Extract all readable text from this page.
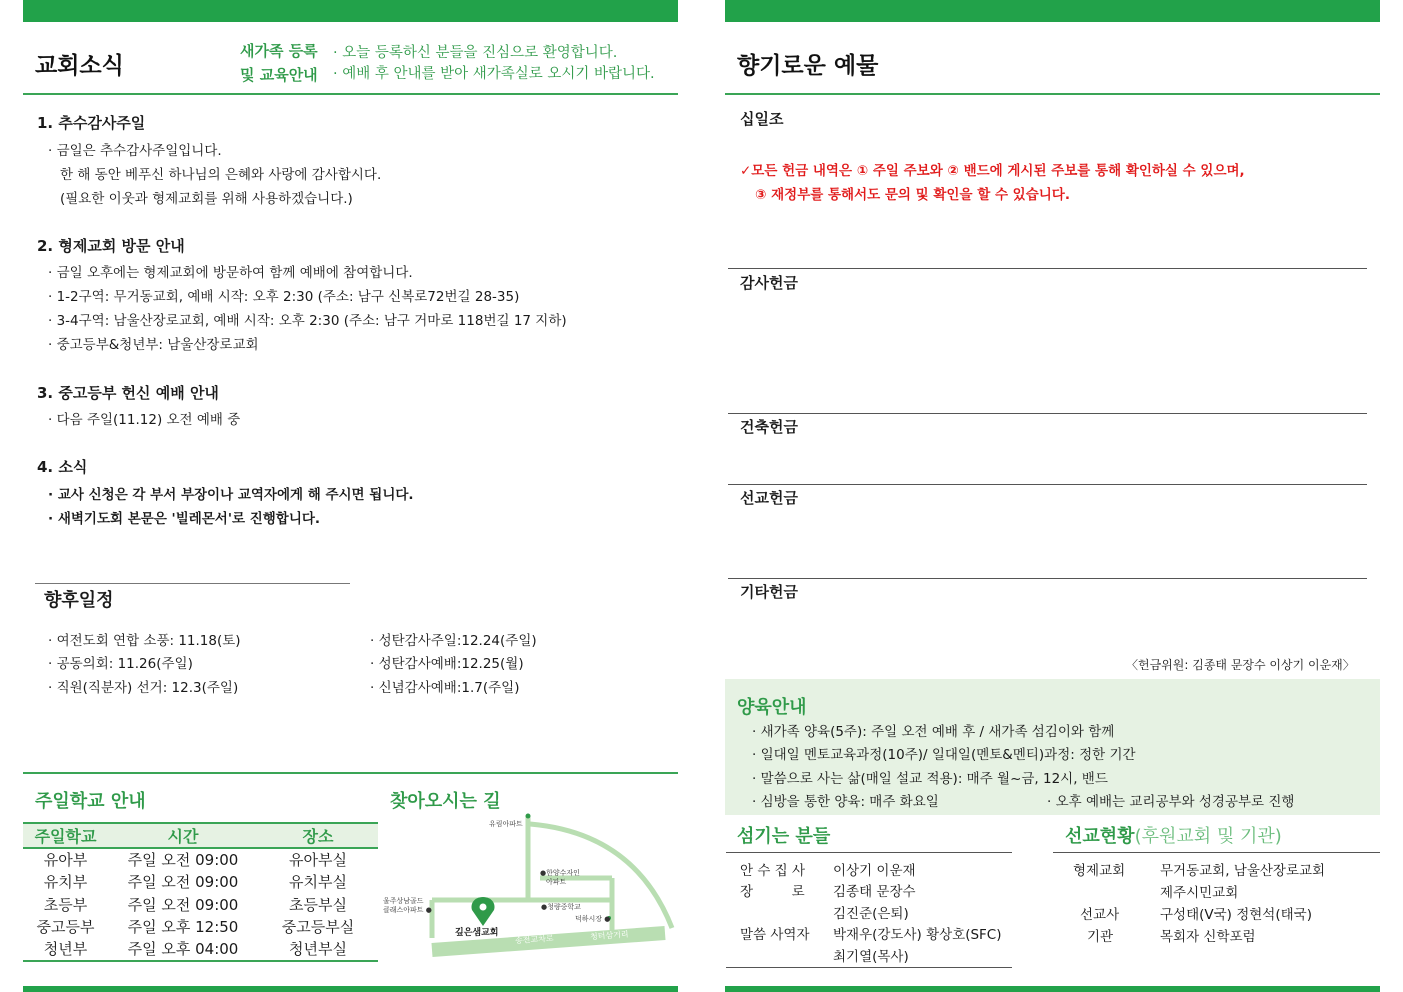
교회소식
새가족 등록
및 교육안내
· 오늘 등록하신 분들을 진심으로 환영합니다.
· 예배 후 안내를 받아 새가족실로 오시기 바랍니다.
1. 추수감사주일
· 금일은 추수감사주일입니다.
한 해 동안 베푸신 하나님의 은혜와 사랑에 감사합시다.
(필요한 이웃과 형제교회를 위해 사용하겠습니다.)
2. 형제교회 방문 안내
· 금일 오후에는 형제교회에 방문하여 함께 예배에 참여합니다.
· 1-2구역: 무거동교회, 예배 시작: 오후 2:30 (주소: 남구 신복로72번길 28-35)
· 3-4구역: 남울산장로교회, 예배 시작: 오후 2:30 (주소: 남구 거마로 118번길 17 지하)
· 중고등부&청년부: 남울산장로교회
3. 중고등부 헌신 예배 안내
· 다음 주일(11.12) 오전 예배 중
4. 소식
· 교사 신청은 각 부서 부장이나 교역자에게 해 주시면 됩니다.
· 새벽기도회 본문은 '빌레몬서'로 진행합니다.
향후일정
· 여전도회 연합 소풍: 11.18(토)
· 공동의회: 11.26(주일)
· 직원(직분자) 선거: 12.3(주일)
· 성탄감사주일:12.24(주일)
· 성탄감사예배:12.25(월)
· 신념감사예배:1.7(주일)
주일학교 안내
주일학교	시간	장소
유아부	주일 오전 09:00	유아부실
유치부	주일 오전 09:00	유치부실
초등부	주일 오전 09:00	초등부실
중고등부	주일 오후 12:50	중고등부실
청년부	주일 오후 04:00	청년부실
찾아오시는 길
유림아파트
●한양수자인
아파트
울주상남골드
클래스아파트 ●	●청량중학교
덕하시장 ●
깊은샘교회
송전교차로	청터삼거리
향기로운 예물
십일조
✓모든 헌금 내역은 ① 주일 주보와 ② 밴드에 게시된 주보를 통해 확인하실 수 있으며,
③ 재정부를 통해서도 문의 및 확인을 할 수 있습니다.
감사헌금
건축헌금
선교헌금
기타헌금
〈헌금위원: 김종태 문장수 이상기 이운재〉
양육안내
· 새가족 양육(5주): 주일 오전 예배 후 / 새가족 섬김이와 함께
· 일대일 멘토교육과정(10주)/ 일대일(멘토&멘티)과정: 정한 기간
· 말씀으로 사는 삶(매일 설교 적용): 매주 월~금, 12시, 밴드
· 심방을 통한 양육: 매주 화요일	· 오후 예배는 교리공부와 성경공부로 진행
섬기는 분들
안 수 집 사 이상기 이운재
장         로 김종태 문장수
김진준(은퇴)
말씀 사역자 박재우(강도사) 황상호(SFC)
최기열(목사)
선교현황(후원교회 및 기관)
형제교회	무거동교회, 남울산장로교회
제주시민교회
선교사	구성태(V국) 정현석(태국)
기관	목회자 신학포럼
